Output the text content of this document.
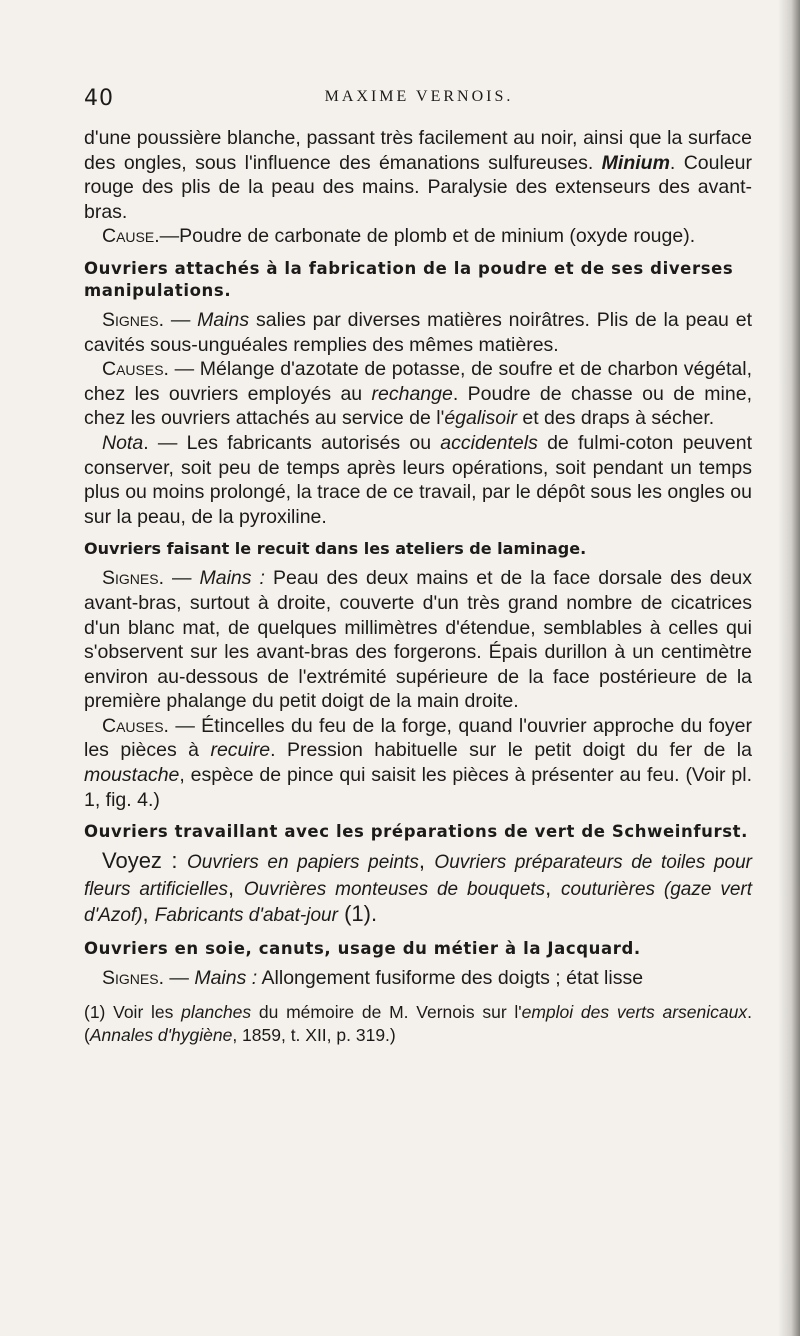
40	MAXIME VERNOIS.

d'une poussière blanche, passant très facilement au noir, ainsi que la surface des ongles, sous l'influence des émanations sulfureuses. Minium. Couleur rouge des plis de la peau des mains. Paralysie des extenseurs des avant-bras.

Cause.—Poudre de carbonate de plomb et de minium (oxyde rouge).

Ouvriers attachés à la fabrication de la poudre et de ses diverses manipulations.

Signes. — Mains salies par diverses matières noirâtres. Plis de la peau et cavités sous-unguéales remplies des mêmes matières.

Causes. — Mélange d'azotate de potasse, de soufre et de charbon végétal, chez les ouvriers employés au rechange. Poudre de chasse ou de mine, chez les ouvriers attachés au service de l'égalisoir et des draps à sécher.

Nota. — Les fabricants autorisés ou accidentels de fulmi-coton peuvent conserver, soit peu de temps après leurs opérations, soit pendant un temps plus ou moins prolongé, la trace de ce travail, par le dépôt sous les ongles ou sur la peau, de la pyroxiline.

Ouvriers faisant le recuit dans les ateliers de laminage.

Signes. — Mains : Peau des deux mains et de la face dorsale des deux avant-bras, surtout à droite, couverte d'un très grand nombre de cicatrices d'un blanc mat, de quelques millimètres d'étendue, semblables à celles qui s'observent sur les avant-bras des forgerons. Épais durillon à un centimètre environ au-dessous de l'extrémité supérieure de la face postérieure de la première phalange du petit doigt de la main droite.

Causes. — Étincelles du feu de la forge, quand l'ouvrier approche du foyer les pièces à recuire. Pression habituelle sur le petit doigt du fer de la moustache, espèce de pince qui saisit les pièces à présenter au feu. (Voir pl. 1, fig. 4.)

Ouvriers travaillant avec les préparations de vert de Schweinfurst.

Voyez : Ouvriers en papiers peints, Ouvriers préparateurs de toiles pour fleurs artificielles, Ouvrières monteuses de bouquets, couturières (gaze vert d'Azof), Fabricants d'abat-jour (1).

Ouvriers en soie, canuts, usage du métier à la Jacquard.

Signes. — Mains : Allongement fusiforme des doigts ; état lisse

(1) Voir les planches du mémoire de M. Vernois sur l'emploi des verts arsenicaux. (Annales d'hygiène, 1859, t. XII, p. 319.)
